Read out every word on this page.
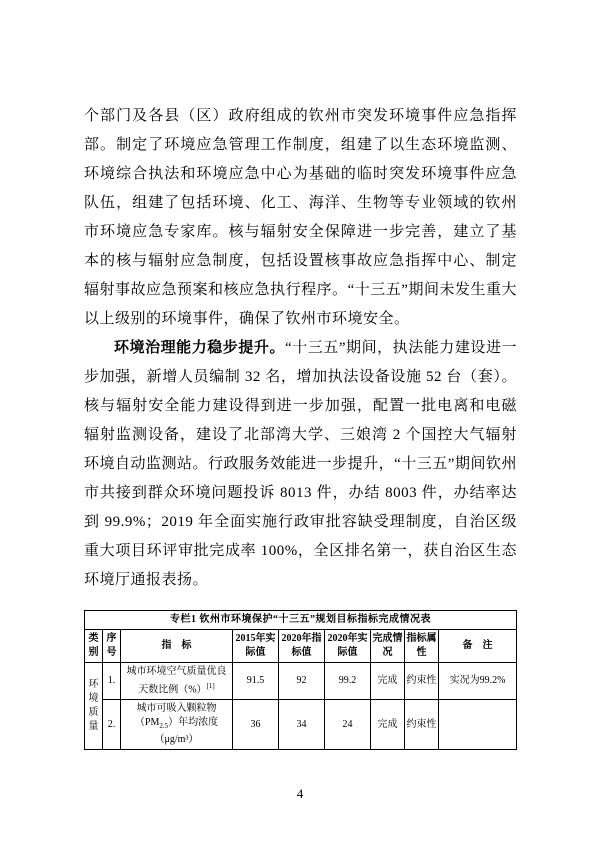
个部门及各县（区）政府组成的钦州市突发环境事件应急指挥部。制定了环境应急管理工作制度，组建了以生态环境监测、环境综合执法和环境应急中心为基础的临时突发环境事件应急队伍，组建了包括环境、化工、海洋、生物等专业领域的钦州市环境应急专家库。核与辐射安全保障进一步完善，建立了基本的核与辐射应急制度，包括设置核事故应急指挥中心、制定辐射事故应急预案和核应急执行程序。“十三五”期间未发生重大以上级别的环境事件，确保了钦州市环境安全。

环境治理能力稳步提升。“十三五”期间，执法能力建设进一步加强，新增人员编制 32 名，增加执法设备设施 52 台（套）。核与辐射安全能力建设得到进一步加强，配置一批电离和电磁辐射监测设备，建设了北部湾大学、三娘湾 2 个国控大气辐射环境自动监测站。行政服务效能进一步提升，“十三五”期间钦州市共接到群众环境问题投诉 8013 件，办结 8003 件，办结率达到 99.9%；2019 年全面实施行政审批容缺受理制度，自治区级重大项目环评审批完成率 100%，全区排名第一，获自治区生态环境厅通报表扬。

专栏1 钦州市环境保护“十三五”规划目标指标完成情况表								
类别	序号	指　标	2015年实际值	2020年指标值	2020年实际值	完成情况	指标属性	备　注
环境质量	1.	城市环境空气质量优良天数比例（%）[1]	91.5	92	99.2	完成	约束性	实况为99.2%
	2.	城市可吸入颗粒物$(PM_{2.5})$年均浓度（μg/m³）	36	34	24	完成	约束性	
4
